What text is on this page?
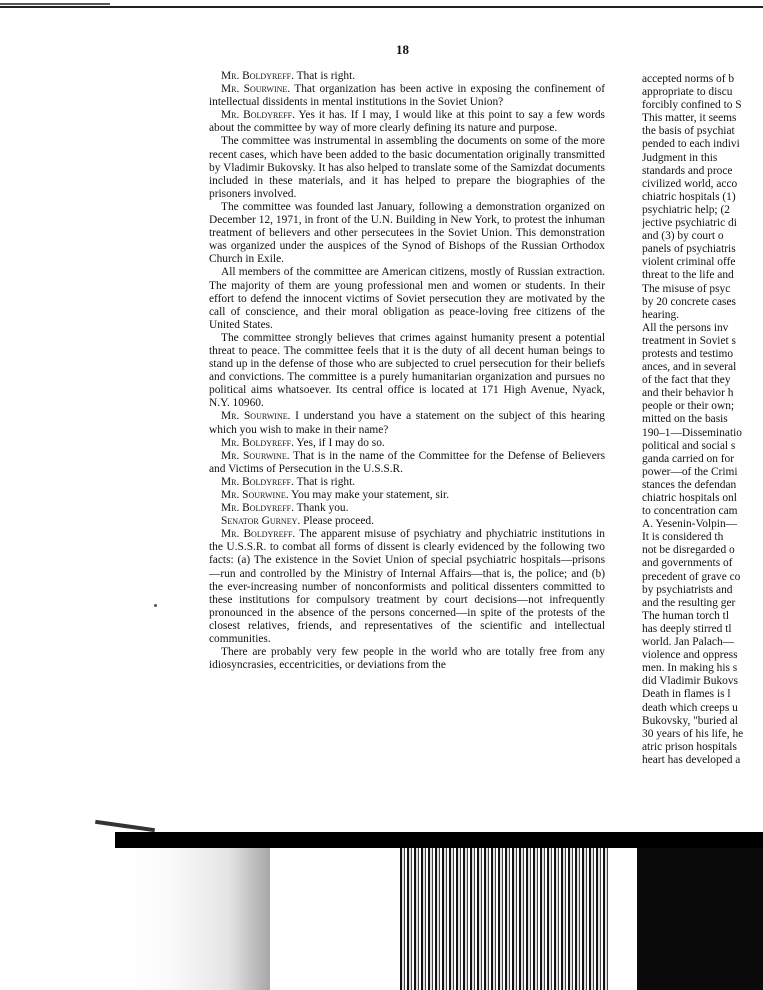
18

Mr. Boldyreff. That is right.

Mr. Sourwine. That organization has been active in exposing the confinement of intellectual dissidents in mental institutions in the Soviet Union?

Mr. Boldyreff. Yes it has. If I may, I would like at this point to say a few words about the committee by way of more clearly defining its nature and purpose.

The committee was instrumental in assembling the documents on some of the more recent cases, which have been added to the basic documentation originally transmitted by Vladimir Bukovsky. It has also helped to translate some of the Samizdat documents included in these materials, and it has helped to prepare the biographies of the prisoners involved.

The committee was founded last January, following a demonstration organized on December 12, 1971, in front of the U.N. Building in New York, to protest the inhuman treatment of believers and other persecutees in the Soviet Union. This demonstration was organized under the auspices of the Synod of Bishops of the Russian Orthodox Church in Exile.

All members of the committee are American citizens, mostly of Russian extraction. The majority of them are young professional men and women or students. In their effort to defend the innocent victims of Soviet persecution they are motivated by the call of conscience, and their moral obligation as peace-loving free citizens of the United States.

The committee strongly believes that crimes against humanity present a potential threat to peace. The committee feels that it is the duty of all decent human beings to stand up in the defense of those who are subjected to cruel persecution for their beliefs and convictions. The committee is a purely humanitarian organization and pursues no political aims whatsoever. Its central office is located at 171 High Avenue, Nyack, N.Y. 10960.

Mr. Sourwine. I understand you have a statement on the subject of this hearing which you wish to make in their name?

Mr. Boldyreff. Yes, if I may do so.

Mr. Sourwine. That is in the name of the Committee for the Defense of Believers and Victims of Persecution in the U.S.S.R.

Mr. Boldyreff. That is right.

Mr. Sourwine. You may make your statement, sir.

Mr. Boldyreff. Thank you.

Senator Gurney. Please proceed.

Mr. Boldyreff. The apparent misuse of psychiatry and phychiatric institutions in the U.S.S.R. to combat all forms of dissent is clearly evidenced by the following two facts: (a) The existence in the Soviet Union of special psychiatric hospitals—prisons—run and controlled by the Ministry of Internal Affairs—that is, the police; and (b) the ever-increasing number of nonconformists and political dissenters committed to these institutions for compulsory treatment by court decisions—not infrequently pronounced in the absence of the persons concerned—in spite of the protests of the closest relatives, friends, and representatives of the scientific and intellectual communities.

There are probably very few people in the world who are totally free from any idiosyncrasies, eccentricities, or deviations from the

accepted norms of b
appropriate to discu
forcibly confined to S
This matter, it seems
the basis of psychiat
pended to each indivi
Judgment in this
standards and proce
civilized world, acco
chiatric hospitals (1)
psychiatric help; (2
jective psychiatric di
and (3) by court o
panels of psychiatris
violent criminal offe
threat to the life and
The misuse of psyc
by 20 concrete cases
hearing.
All the persons inv
treatment in Soviet s
protests and testimo
ances, and in several
of the fact that they
and their behavior h
people or their own;
mitted on the basis
190–1—Disseminatio
political and social s
ganda carried on for
power—of the Crimi
stances the defendan
chiatric hospitals onl
to concentration cam
A. Yesenin-Volpin—
It is considered th
not be disregarded o
and governments of
precedent of grave co
by psychiatrists and
and the resulting ger
The human torch tl
has deeply stirred tl
world. Jan Palach—
violence and oppress
men. In making his s
did Vladimir Bukovs
Death in flames is l
death which creeps u
Bukovsky, "buried al
30 years of his life, he
atric prison hospitals
heart has developed a
